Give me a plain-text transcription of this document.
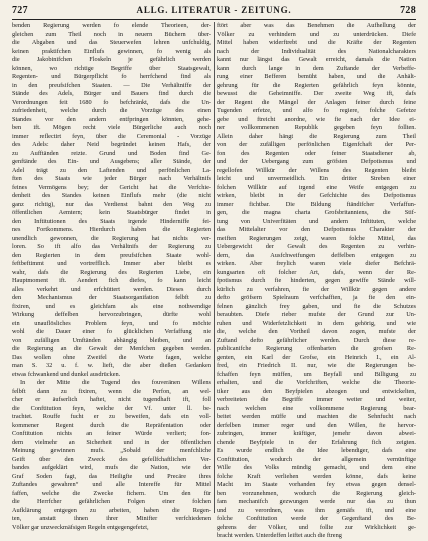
727	ALLG. LITERATUR - ZEITUNG.	728
benden Regierung werden fo elende Theorieen, der-
gleichen zum Theil noch in neuern Büchern über-
die Abgaben und das Steuerwefen lehren unfchuldig,
keinen praktifchen Einflufs gewinnen, fo wenig als
die Jakobinifchen Floskeln je gefährlich werden
können, wo richtige Begriffe über Staatsgewalt,
Regenten- und Bürgerpflicht fo herrfchend find als
in den preufsifchen Staaten. — Die Verhältniffe der
Stände des Adels, Bürger und Bauers find durch die
Verordnungen feit 1680 fo befchränkt, dafs die Un-
zufriedenheit, welche durch die Vorzüge des einen
Standes vor den andern entfpringen könnten, gehe-
ben ift. Mögen recht viele Bürgerliche auch noch
immer reflectirt feyn, über die Ceremonial - Vorzüge
des Adels: daher Neid begründet keinen Hafs, der
zu Aufftänden reizte. Grund und Boden find Ge-
genftände des Ein- und Ausgebens; aller Stände, der
Adel trägt zu den Laftenden und perfönlichen La-
ften des Staats wie jeder Bürger nach Verhältnifs
feines Vermögens bey; der Gericht hat die Verfchie-
denheit des Standes keinen Einflufs mehr (die nicht
ganz richtig), nur das Verdienst bahnt den Weg zu
öffentlichen Aemtern; kein Staatsbürger findet in
den Inftitutionen des Staats irgende Hinderniffe fei-
nes Fortkommens. Hierdurch haben die Regierten
unendlich gewonnen, die Regierung hat nichts ver-
loren. So ift alfo das Verhältnifs der Regierung zu
den Regierten in dem preufsifchen Staate wohl-
feftbeftimmt und vortrefflich. Immer aber bleibt es
wahr, dafs die Regierung des Regierten Liebe, ein
Hauptmoment ift. Aendert fich diefes, fo kann leicht
alles verkehrt und erfchüttert werden. Dieses durch
den Mechanismus der Staatsorganifation felbft zu
fixiren, und es gleichfam als eine nothwendige
Wirkung deffelben hervorzubringen, dürfte wohl
ein unauflösliches Problem feyn, und fo möchte
wohl die Dauer einer fo glücklichen Verfaffung nie
von zufälligen Umftänden abhängig bleiben, und an
die Regierung an die Gewalt der Menfchen gegeben werden.
Das wollen ohne Zweifel die Worte fagen, welche
man S. 32 u. f. w. lieft, die aber dießen Gedanken
etwas fchwankend und dunkel ausdrücken.
In der Mitte die Tugend des fouveränen Willens
felbft dann zu fixiren, wenn die Perfon, an wel-
cher er äufserlich haftet, nicht tugendhaft ift, foll
die Conftitution feyn, welche der Vf. unter ll. be-
trachtet. Rouffe fucht er zu beweifen, dafs ein voll-
kommener Regent durch die Repräfentation oder
Conftitution nichts an feiner Würde verliert; fon-
dern vielmehr an Sicherheit und in der öffentlichen
Meinung gewinnen mufs. „Sobald der menfchliche
Geift über den Zweck des gefellfchaftlichen Ver-
bandes aufgeklärt wird, mufs die Nation, wie der
Graf Soden fagt, das Heiligfte und Precäre ihres
Zuftandes gewahren“ und alle Intereffe für Mittel
faffen, welche die Zwecke fichern. Um den für
die Herrfcher gefährlichen Folgen einer folchen
Aufklärung entgegen zu arbeiten, haben die Regen-
ten, anstatt ihnen ihrer Minifter verfchiedenen
Völker gar unzweckmäfsigen Regeln entgegengefetzt,
ftört aber was das Benehmen die Aufhellung der
Völker zu verhindern und zu unterdrücken. Diefe
Mittel haben widerftrebt und die Kräfte der Regenten
nach der Individualität des Nationalcharakters
kannt nur längst das Gewalt erreicht, damals die Nation
kann durch lange in dem Zuftande der Verbeffe-
rung einer Befferen bemüht haben, und die Anhält-
gehrung für die Regierten gefährlich feyn könnte,
bewusst die Geheimniffe. Der zweite Weg ift, dafs
der Regent die Mängel der Anlagen feiner durch feine
Tugenden erfetze, und alfo fo regiere, folche Gefetze
gebe und ftreicht anordne, wie fie nach der Idee ei-
ner vollkommenen Republik gegeben feyn follten.
Allein daher hängt die Regierung zum Theil
von der zufälligen perfönlichen Eigenfchaft der Per-
fon des Regenten oder feiner Staatsdiener ab,
und der Uebergang zum gröfsten Defpotismus und
regellofen Willkür der Willens des Regenten bleibt
leicht und unvermeidlich. Ein dritter Streben einer
folchen Willkür auf irgend eine Weife entgegen zu
wirken, bleibt in der Gefchichte des Defpotismus
immer fichtbar. Die Bildung ftändifcher Verfaffun-
gen, die magna charta Grofsbritanniens, die Stif-
tung von Univerfitäten und andern Inftituten, welche
das Mittelalter vor den Defpotismus Charakter der
meiften Regierungen zeigt, waren folche Mittel, das
Uebergewicht der Gewalt des Regenten zu verhin-
dern, das Ausfchweifungen deffelben entgegen zu
wirken. Aber freylich waren viele diefer Befchrä-
kungsarten oft folcher Art, dafs, wenn der Re-
fpotismus durch fie hinderten, gegen gewiffe Stände will-
kürlich zu verfahren, fie der Willkür gegen andere
defto gröfsern Spielraum verfchafften, ja fie den ein-
felnen gänzlich frey gaben, und fie die Schutzes
beraubten. Diefe rieber mufste der Grund zur Un-
ruhen und Widerfetzlichkeit in dem gehörig, und wie
die, welche den Vortheil davon zogen, mufste der
Zuftand defto gefährlicher werden. Durch diese re-
publicanifche Regierung offenbarten die grofsen Re-
genten, ein Karl der Grofse, ein Heinrich I., ein Al-
fred, ein Friedrich II. nur, wie die Regierungen be-
fchaffen feyn müffen, um Beyfall und Billigung zu
erhalten, und die Vorfchriften, welche die Theorie-
tiker aus den Beyfpielen abzogen und entwickelten,
verbreiteten die Begriffe immer weiter und weiter,
nach welchen eine vollkommene Regierung bear-
beitet werden müffe und machten die Sehnfucht nach
derfelben immer reger und den Willen, fie hervor-
zubringen, immer kräftiger, jemehr davon abwei-
chende Beyfpiele in der Erfahrung fich zeigten.
Es wurde endlich die Idee lebendiger, dafs eine
Conftitution, wodurch der allgemein vernünftige
Wille des Volks mündig gemacht, und dem eine
folche Kraft verliehen werden könne, dafs keine
Macht im Staate vorhanden fey etwas gegen densel-
ben vorzunehmen, wodurch die Regierung gleich-
fam mechanifch gezwungen werde nur das zu thun
und zu verordnen, was ihm gemäfs ift, und eine
folche Conftitution werde der Gegenftand des Be-
gehrens der Völker, und follte zur Wirklichkeit ge-
bracht werden. Unterdeffen leiftet auch die ftreng
